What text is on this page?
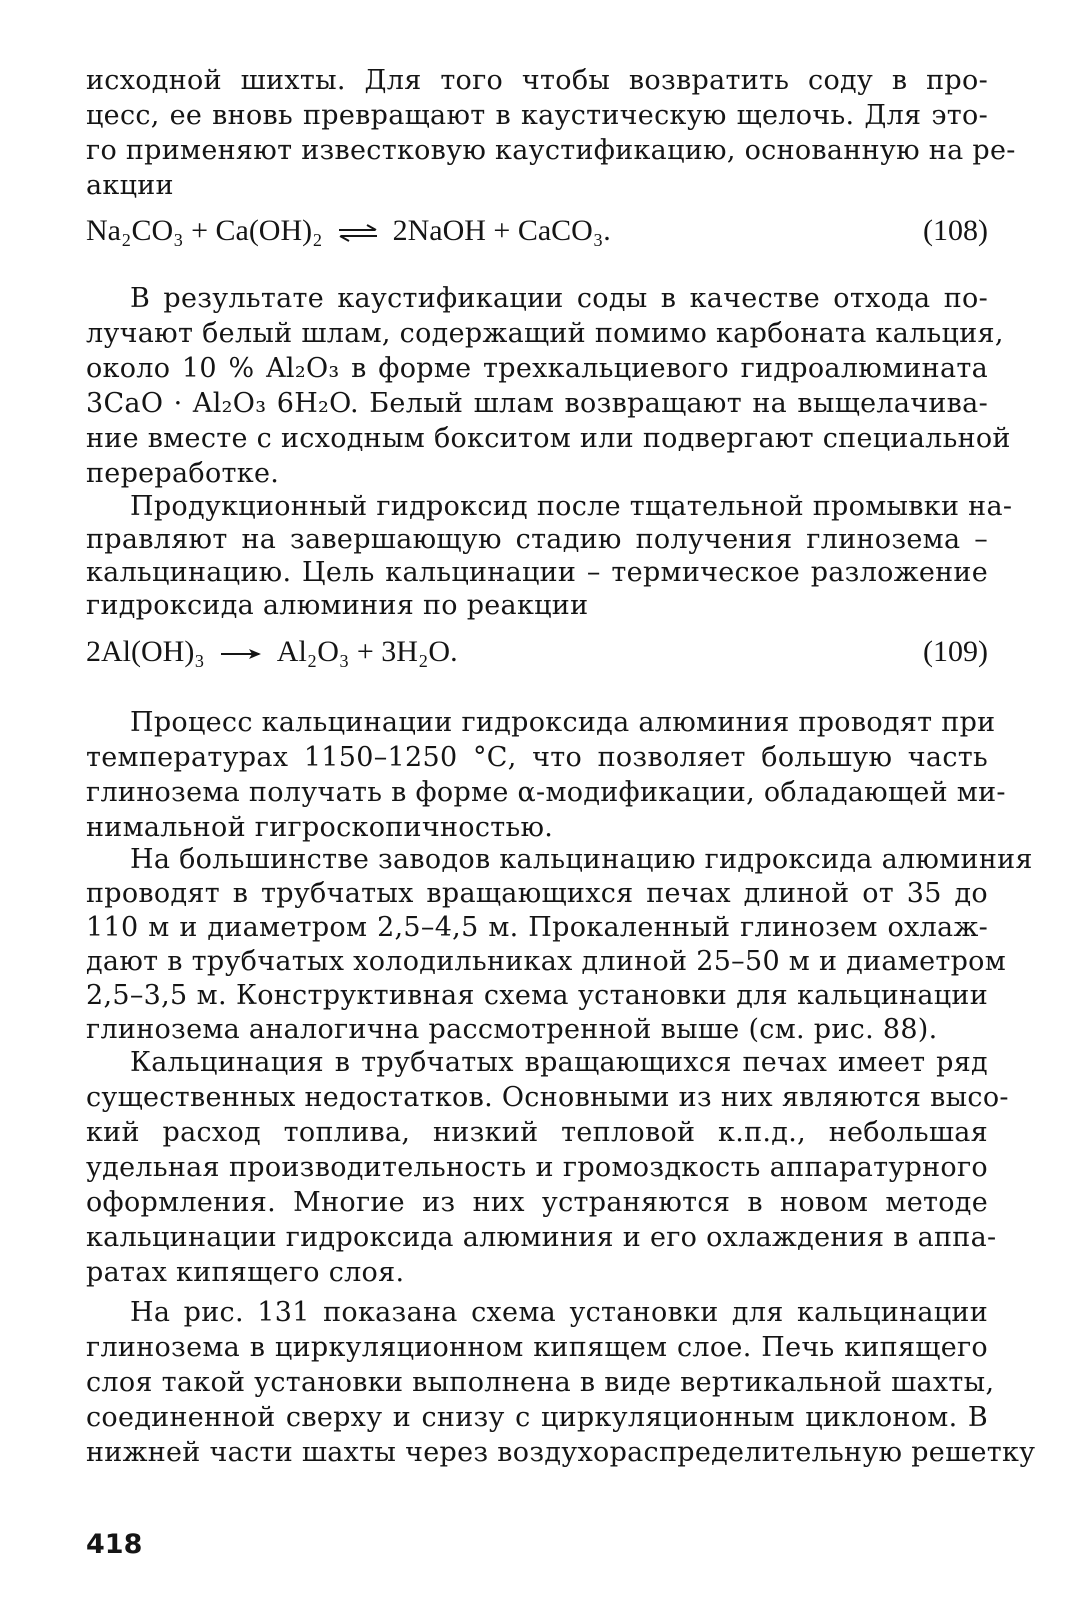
исходной шихты. Для того чтобы возвратить соду в про-
цесс, ее вновь превращают в каустическую щелочь. Для это-
го применяют известковую каустификацию, основанную на ре-
акции
Na₂CO₃ + Ca(OH)₂ ⇌ 2NaOH + CaCO₃.	(108)
В результате каустификации соды в качестве отхода по-
лучают белый шлам, содержащий помимо карбоната кальция,
около 10 % Al₂O₃ в форме трехкальциевого гидроалюмината
3CaO · Al₂O₃ 6H₂O. Белый шлам возвращают на выщелачива-
ние вместе с исходным бокситом или подвергают специальной
переработке.
Продукционный гидроксид после тщательной промывки на-
правляют на завершающую стадию получения глинозема –
кальцинацию. Цель кальцинации – термическое разложение
гидроксида алюминия по реакции
2Al(OH)₃ → Al₂O₃ + 3H₂O.	(109)
Процесс кальцинации гидроксида алюминия проводят при
температурах 1150–1250 °С, что позволяет большую часть
глинозема получать в форме α-модификации, обладающей ми-
нимальной гигроскопичностью.
На большинстве заводов кальцинацию гидроксида алюминия
проводят в трубчатых вращающихся печах длиной от 35 до
110 м и диаметром 2,5–4,5 м. Прокаленный глинозем охлаж-
дают в трубчатых холодильниках длиной 25–50 м и диаметром
2,5–3,5 м. Конструктивная схема установки для кальцинации
глинозема аналогична рассмотренной выше (см. рис. 88).
Кальцинация в трубчатых вращающихся печах имеет ряд
существенных недостатков. Основными из них являются высо-
кий расход топлива, низкий тепловой к.п.д., небольшая
удельная производительность и громоздкость аппаратурного
оформления. Многие из них устраняются в новом методе
кальцинации гидроксида алюминия и его охлаждения в аппа-
ратах кипящего слоя.
На рис. 131 показана схема установки для кальцинации
глинозема в циркуляционном кипящем слое. Печь кипящего
слоя такой установки выполнена в виде вертикальной шахты,
соединенной сверху и снизу с циркуляционным циклоном. В
нижней части шахты через воздухораспределительную решетку
418
